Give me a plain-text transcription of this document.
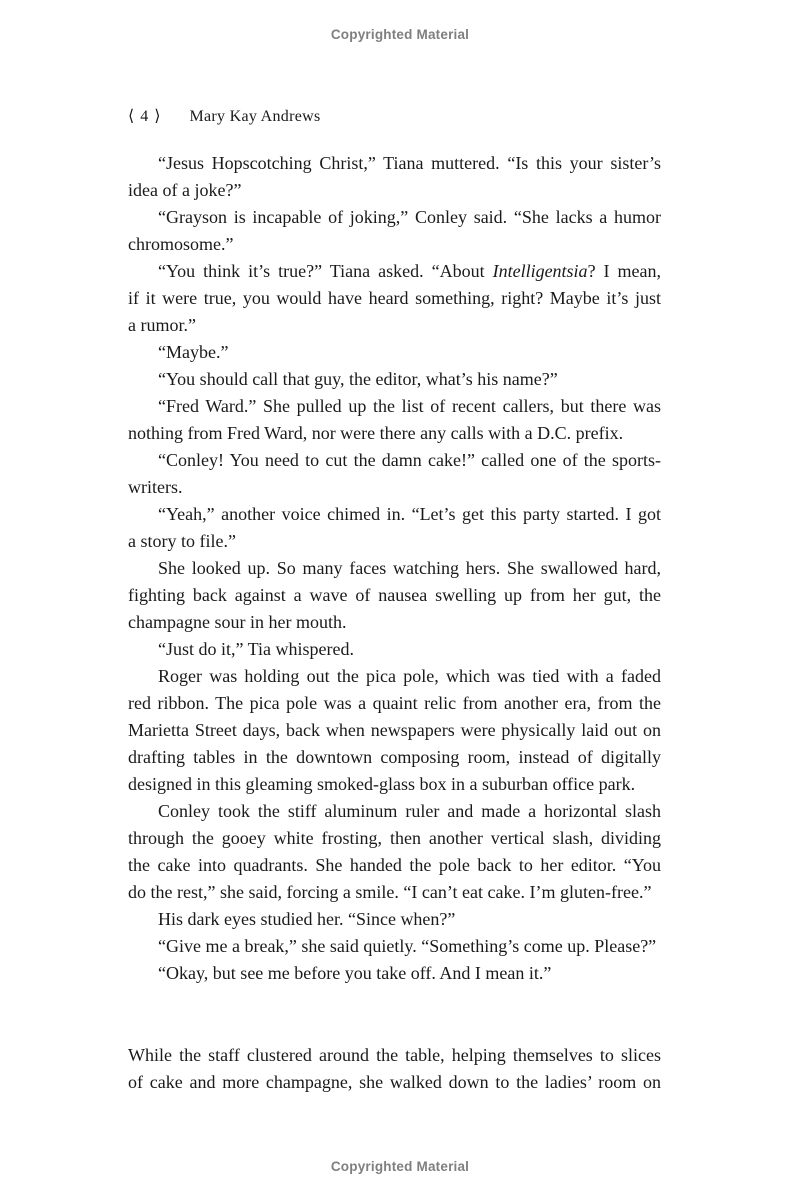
Copyrighted Material
⟨ 4 ⟩ Mary Kay Andrews
“Jesus Hopscotching Christ,” Tiana muttered. “Is this your sister’s
idea of a joke?”
“Grayson is incapable of joking,” Conley said. “She lacks a humor
chromosome.”
“You think it’s true?” Tiana asked. “About Intelligentsia? I mean,
if it were true, you would have heard something, right? Maybe it’s just
a rumor.”
“Maybe.”
“You should call that guy, the editor, what’s his name?”
“Fred Ward.” She pulled up the list of recent callers, but there was
nothing from Fred Ward, nor were there any calls with a D.C. prefix.
“Conley! You need to cut the damn cake!” called one of the sports-
writers.
“Yeah,” another voice chimed in. “Let’s get this party started. I got
a story to file.”
She looked up. So many faces watching hers. She swallowed hard,
fighting back against a wave of nausea swelling up from her gut, the
champagne sour in her mouth.
“Just do it,” Tia whispered.
Roger was holding out the pica pole, which was tied with a faded
red ribbon. The pica pole was a quaint relic from another era, from the
Marietta Street days, back when newspapers were physically laid out on
drafting tables in the downtown composing room, instead of digitally
designed in this gleaming smoked-glass box in a suburban office park.
Conley took the stiff aluminum ruler and made a horizontal slash
through the gooey white frosting, then another vertical slash, dividing
the cake into quadrants. She handed the pole back to her editor. “You
do the rest,” she said, forcing a smile. “I can’t eat cake. I’m gluten-free.”
His dark eyes studied her. “Since when?”
“Give me a break,” she said quietly. “Something’s come up. Please?”
“Okay, but see me before you take off. And I mean it.”
While the staff clustered around the table, helping themselves to slices
of cake and more champagne, she walked down to the ladies’ room on
Copyrighted Material
